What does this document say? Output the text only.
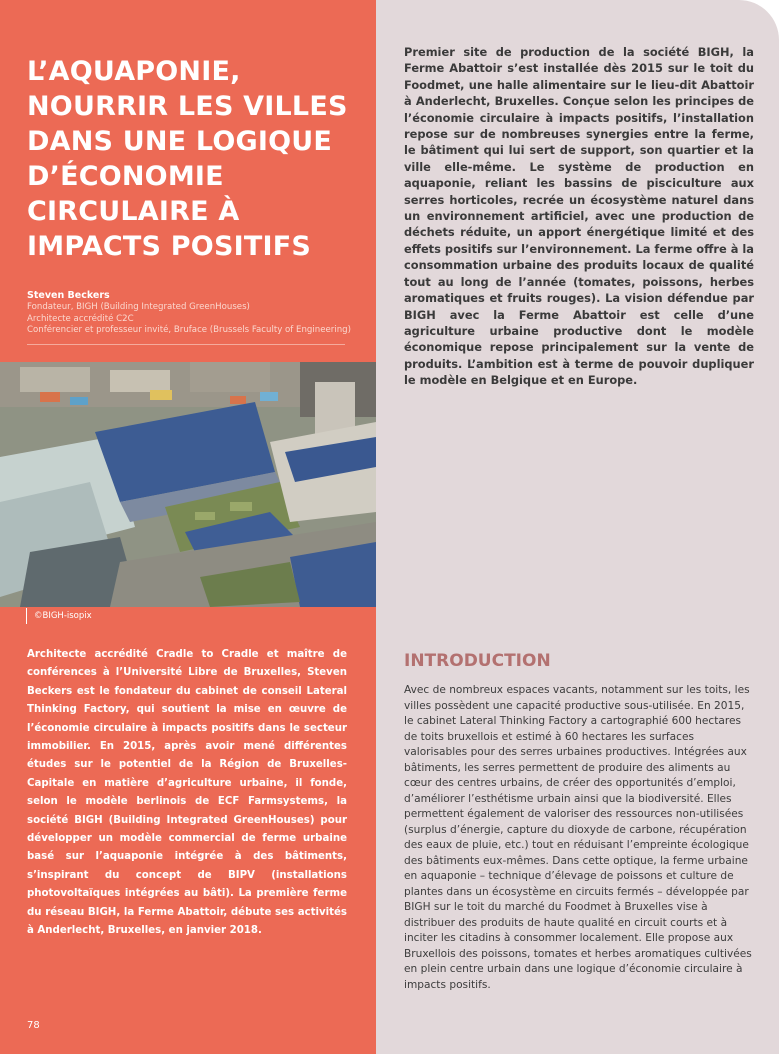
L’AQUAPONIE, NOURRIR LES VILLES DANS UNE LOGIQUE D’ÉCONOMIE CIRCULAIRE À IMPACTS POSITIFS
Steven Beckers
Fondateur, BIGH (Building Integrated GreenHouses)
Architecte accrédité C2C
Conférencier et professeur invité, Bruface (Brussels Faculty of Engineering)
©BIGH-isopix

Architecte accrédité Cradle to Cradle et maître de conférences à l’Université Libre de Bruxelles, Steven Beckers est le fondateur du cabinet de conseil Lateral Thinking Factory, qui soutient la mise en œuvre de l’économie circulaire à impacts positifs dans le secteur immobilier. En 2015, après avoir mené différentes études sur le potentiel de la Région de Bruxelles-Capitale en matière d’agriculture urbaine, il fonde, selon le modèle berlinois de ECF Farmsystems, la société BIGH (Building Integrated GreenHouses) pour développer un modèle commercial de ferme urbaine basé sur l’aquaponie intégrée à des bâtiments, s’inspirant du concept de BIPV (installations photovoltaïques intégrées au bâti). La première ferme du réseau BIGH, la Ferme Abattoir, débute ses activités à Anderlecht, Bruxelles, en janvier 2018.

78

Premier site de production de la société BIGH, la Ferme Abattoir s’est installée dès 2015 sur le toit du Foodmet, une halle alimentaire sur le lieu-dit Abattoir à Anderlecht, Bruxelles. Conçue selon les principes de l’économie circulaire à impacts positifs, l’installation repose sur de nombreuses synergies entre la ferme, le bâtiment qui lui sert de support, son quartier et la ville elle-même. Le système de production en aquaponie, reliant les bassins de pisciculture aux serres horticoles, recrée un écosystème naturel dans un environnement artificiel, avec une production de déchets réduite, un apport énergétique limité et des effets positifs sur l’environnement. La ferme offre à la consommation urbaine des produits locaux de qualité tout au long de l’année (tomates, poissons, herbes aromatiques et fruits rouges). La vision défendue par BIGH avec la Ferme Abattoir est celle d’une agriculture urbaine productive dont le modèle économique repose principalement sur la vente de produits. L’ambition est à terme de pouvoir dupliquer le modèle en Belgique et en Europe.

INTRODUCTION

Avec de nombreux espaces vacants, notamment sur les toits, les villes possèdent une capacité productive sous-utilisée. En 2015, le cabinet Lateral Thinking Factory a cartographié 600 hectares de toits bruxellois et estimé à 60 hectares les surfaces valorisables pour des serres urbaines productives. Intégrées aux bâtiments, les serres permettent de produire des aliments au cœur des centres urbains, de créer des opportunités d’emploi, d’améliorer l’esthétisme urbain ainsi que la biodiversité. Elles permettent également de valoriser des ressources non-utilisées (surplus d’énergie, capture du dioxyde de carbone, récupération des eaux de pluie, etc.) tout en réduisant l’empreinte écologique des bâtiments eux-mêmes. Dans cette optique, la ferme urbaine en aquaponie – technique d’élevage de poissons et culture de plantes dans un écosystème en circuits fermés – développée par BIGH sur le toit du marché du Foodmet à Bruxelles vise à distribuer des produits de haute qualité en circuit courts et à inciter les citadins à consommer localement. Elle propose aux Bruxellois des poissons, tomates et herbes aromatiques cultivées en plein centre urbain dans une logique d’économie circulaire à impacts positifs.
